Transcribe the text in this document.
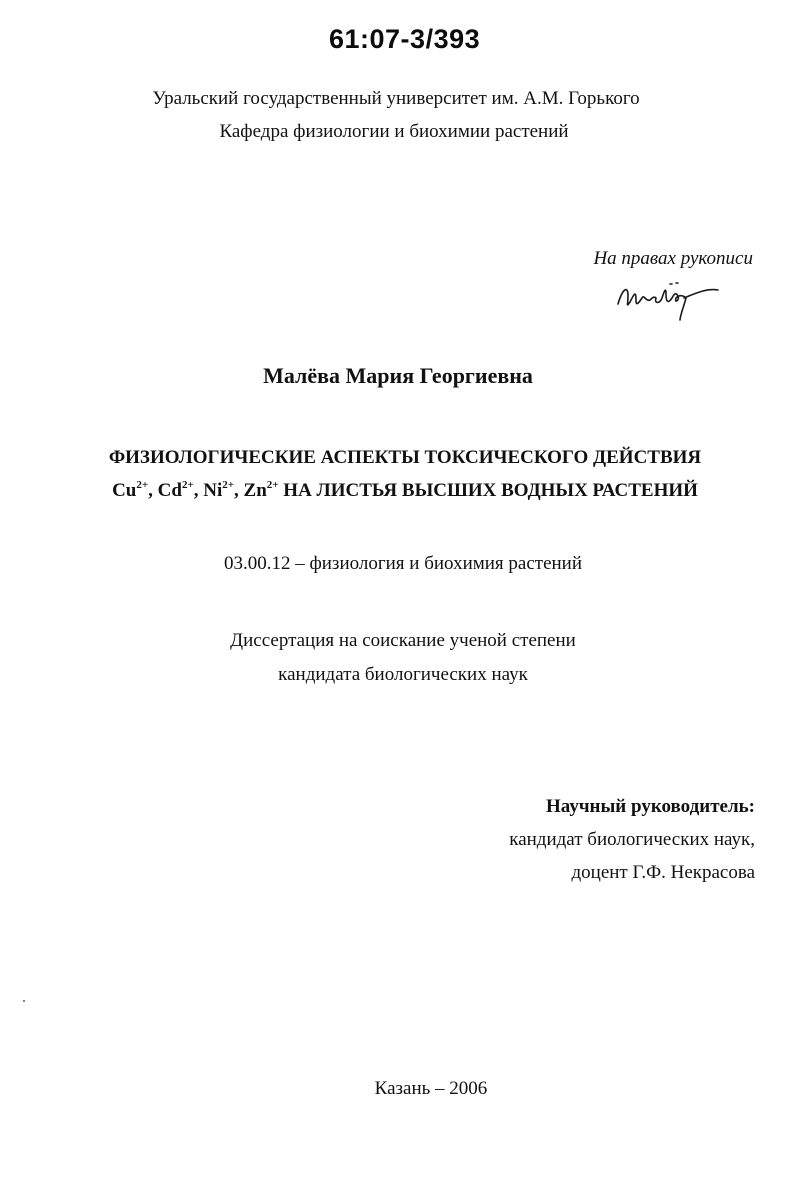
61:07-3/393
Уральский государственный университет им. А.М. Горького
Кафедра физиологии и биохимии растений
На правах рукописи
Малёва Мария Георгиевна
ФИЗИОЛОГИЧЕСКИЕ АСПЕКТЫ ТОКСИЧЕСКОГО ДЕЙСТВИЯ
$Cu^{2+}$, $Cd^{2+}$, $Ni^{2+}$, $Zn^{2+}$ НА ЛИСТЬЯ ВЫСШИХ ВОДНЫХ РАСТЕНИЙ
03.00.12 – физиология и биохимия растений
Диссертация на соискание ученой степени
кандидата биологических наук
Научный руководитель:
кандидат биологических наук,
доцент Г.Ф. Некрасова
Казань – 2006
